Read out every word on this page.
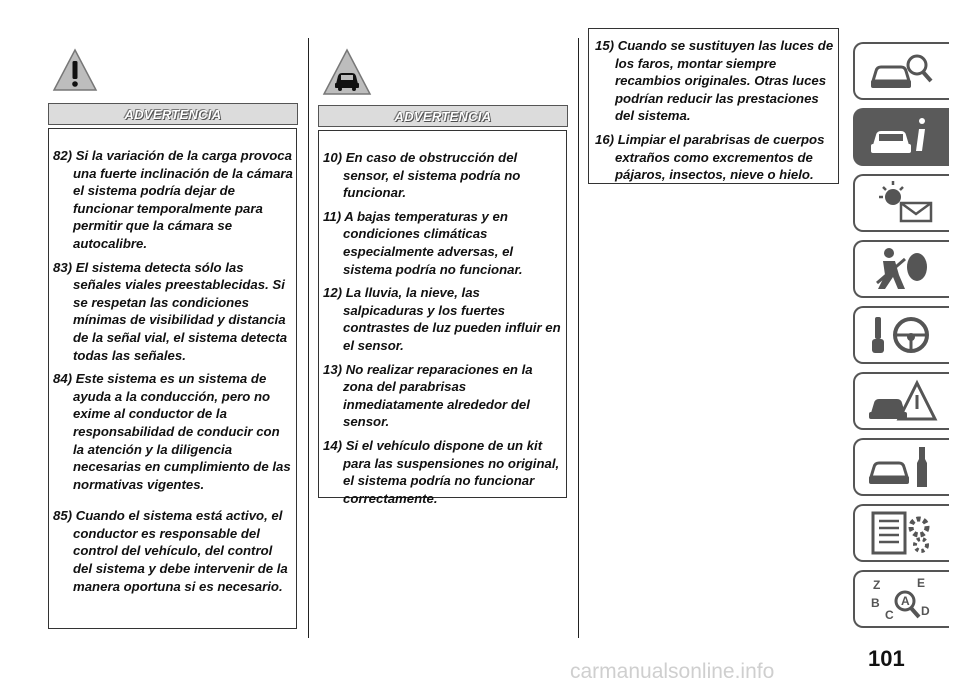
ADVERTENCIA
82) Si la variación de la carga provoca una fuerte inclinación de la cámara el sistema podría dejar de funcionar temporalmente para permitir que la cámara se autocalibre.
83) El sistema detecta sólo las señales viales preestablecidas. Si se respetan las condiciones mínimas de visibilidad y distancia de la señal vial, el sistema detecta todas las señales.
84) Este sistema es un sistema de ayuda a la conducción, pero no exime al conductor de la responsabilidad de conducir con la atención y la diligencia necesarias en cumplimiento de las normativas vigentes.
85) Cuando el sistema está activo, el conductor es responsable del control del vehículo, del control del sistema y debe intervenir de la manera oportuna si es necesario.
ADVERTENCIA
10) En caso de obstrucción del sensor, el sistema podría no funcionar.
11) A bajas temperaturas y en condiciones climáticas especialmente adversas, el sistema podría no funcionar.
12) La lluvia, la nieve, las salpicaduras y los fuertes contrastes de luz pueden influir en el sensor.
13) No realizar reparaciones en la zona del parabrisas inmediatamente alrededor del sensor.
14) Si el vehículo dispone de un kit para las suspensiones no original, el sistema podría no funcionar correctamente.
15) Cuando se sustituyen las luces de los faros, montar siempre recambios originales. Otras luces podrían reducir las prestaciones del sistema.
16) Limpiar el parabrisas de cuerpos extraños como excrementos de pájaros, insectos, nieve o hielo.
Z	E
B A
C D
101
carmanualsonline.info
